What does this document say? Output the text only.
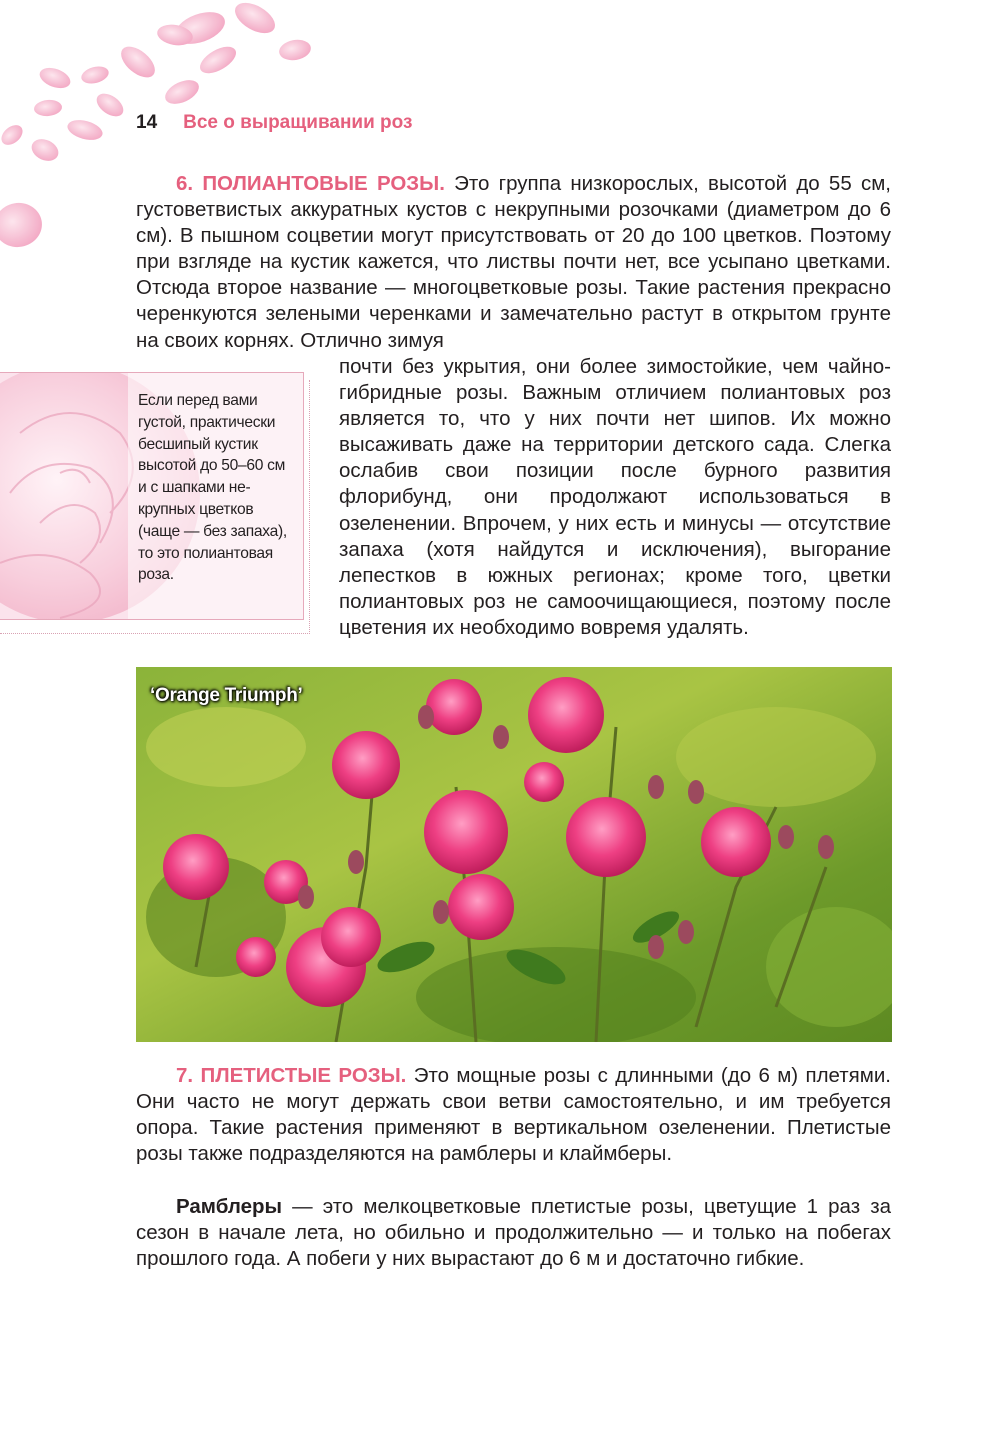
14 Все о выращивании роз
6. ПОЛИАНТОВЫЕ РОЗЫ. Это группа низкорослых, высотой до 55 см, густоветвистых аккуратных кустов с некрупными розочками (диаметром до 6 см). В пышном соцветии могут присутствовать от 20 до 100 цветков. Поэтому при взгляде на кустик кажется, что листвы почти нет, все усыпано цветками. Отсюда второе название — многоцветковые розы. Такие растения прекрасно черенкуются зелеными черенками и замечательно растут в открытом грунте на своих корнях. Отлично зимуя
Если перед вами густой, практически бесшипый кустик высотой до 50–60 см и с шапками некрупных цветков (чаще — без запаха), то это полиантовая роза.
почти без укрытия, они более зимостойкие, чем чайно-гибридные розы. Важным отличием полиантовых роз является то, что у них почти нет шипов. Их можно высаживать даже на территории детского сада. Слегка ослабив свои позиции после бурного развития флорибунд, они продолжают использоваться в озеленении. Впрочем, у них есть и минусы — отсутствие запаха (хотя найдутся и исключения), выгорание лепестков в южных регионах; кроме того, цветки полиантовых роз не самоочищающиеся, поэтому после цветения их необходимо вовремя удалять.
‘Orange Triumph’
7. ПЛЕТИСТЫЕ РОЗЫ. Это мощные розы с длинными (до 6 м) плетями. Они часто не могут держать свои ветви самостоятельно, и им требуется опора. Такие растения применяют в вертикальном озеленении. Плетистые розы также подразделяются на рамблеры и клаймберы.
Рамблеры — это мелкоцветковые плетистые розы, цветущие 1 раз за сезон в начале лета, но обильно и продолжительно — и только на побегах прошлого года. А побеги у них вырастают до 6 м и достаточно гибкие.
